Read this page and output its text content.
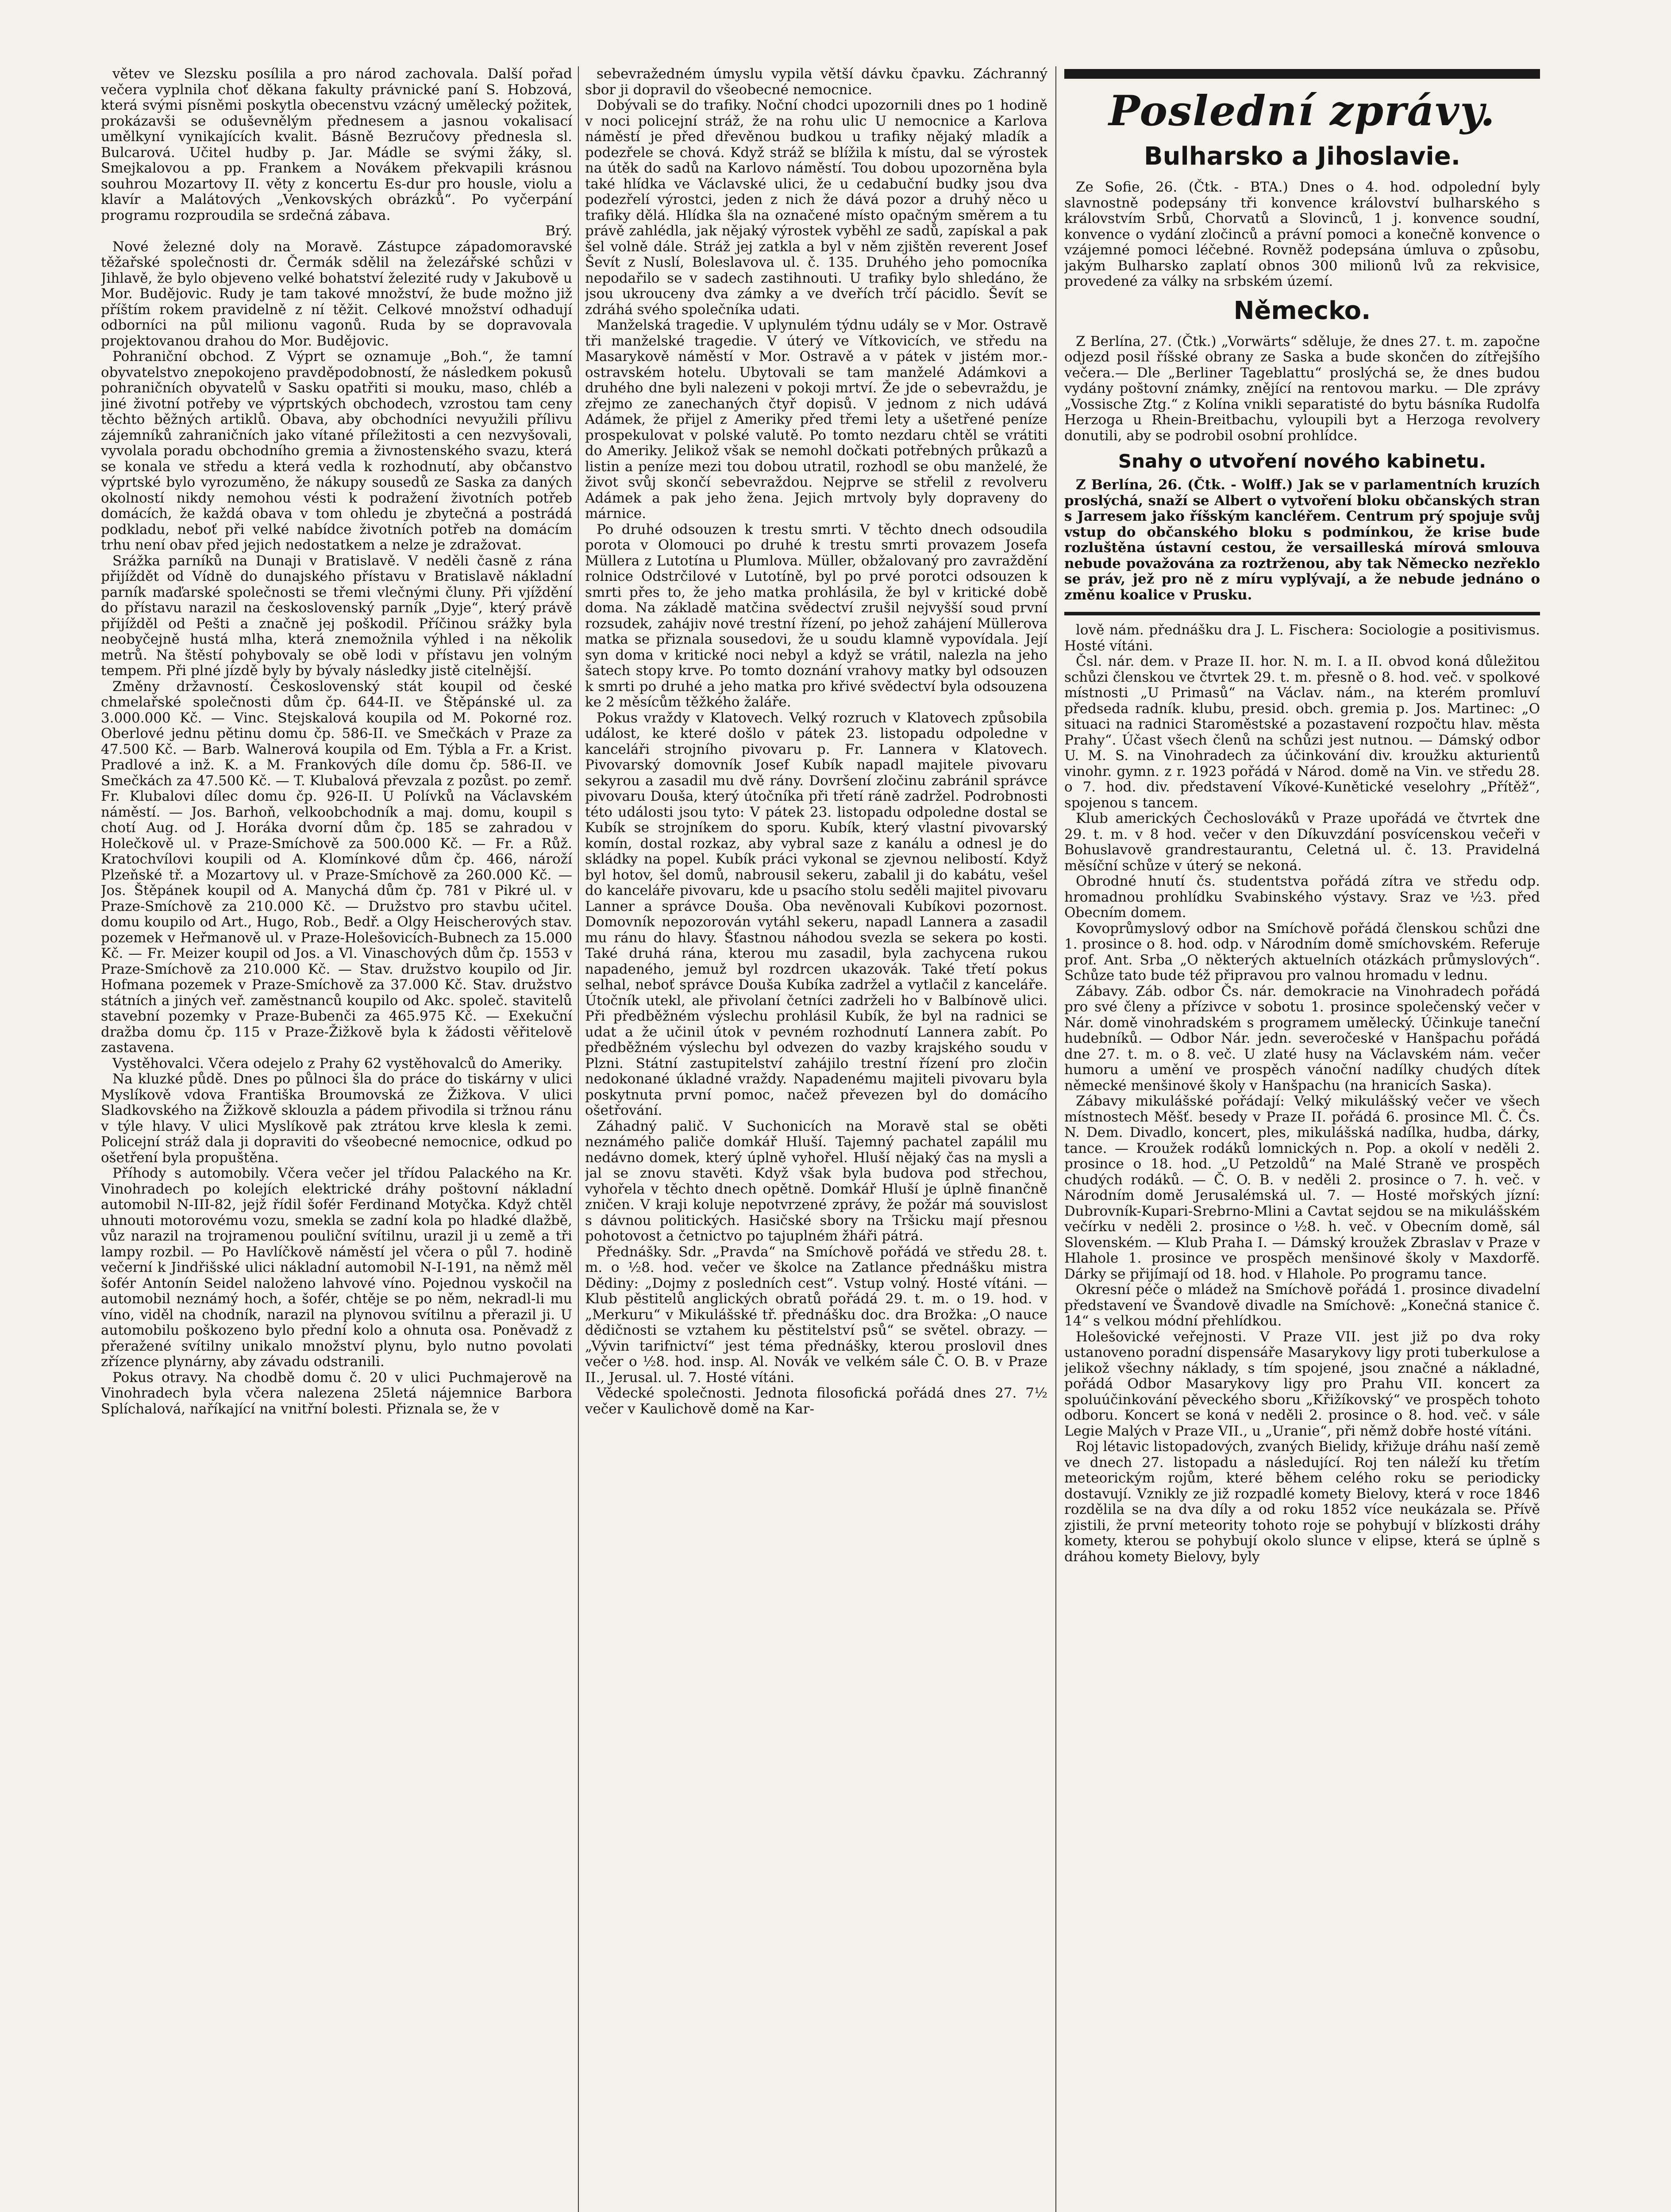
větev ve Slezsku posílila a pro národ zachovala. Další pořad večera vyplnila choť děkana fakulty právnické paní S. Hobzová, která svými písněmi poskytla obecenstvu vzácný umělecký požitek, prokázavši se oduševnělým přednesem a jasnou vokalisací umělkyní vynikajících kvalit. Básně Bezručovy přednesla sl. Bulcarová. Učitel hudby p. Jar. Mádle se svými žáky, sl. Smejkalovou a pp. Frankem a Novákem překvapili krásnou souhrou Mozartovy II. věty z koncertu Es-dur pro housle, violu a klavír a Malátových „Venkovských obrázků“. Po vyčerpání programu rozproudila se srdečná zábava.

Brý.

Nové železné doly na Moravě. Zástupce západomoravské těžařské společnosti dr. Čermák sdělil na železářské schůzi v Jihlavě, že bylo objeveno velké bohatství železité rudy v Jakubově u Mor. Budějovic. Rudy je tam takové množství, že bude možno již příštím rokem pravidelně z ní těžit. Celkové množství odhadují odborníci na půl milionu vagonů. Ruda by se dopravovala projektovanou drahou do Mor. Budějovic.

Pohraniční obchod. Z Výprt se oznamuje „Boh.“, že tamní obyvatelstvo znepokojeno pravděpodobností, že následkem pokusů pohraničních obyvatelů v Sasku opatřiti si mouku, maso, chléb a jiné životní potřeby ve výprtských obchodech, vzrostou tam ceny těchto běžných artiklů. Obava, aby obchodníci nevyužili přílivu zájemníků zahraničních jako vítané příležitosti a cen nezvyšovali, vyvolala poradu obchodního gremia a živnostenského svazu, která se konala ve středu a která vedla k rozhodnutí, aby občanstvo výprtské bylo vyrozuměno, že nákupy sousedů ze Saska za daných okolností nikdy nemohou vésti k podražení životních potřeb domácích, že každá obava v tom ohledu je zbytečná a postrádá podkladu, neboť při velké nabídce životních potřeb na domácím trhu není obav před jejich nedostatkem a nelze je zdražovat.

Srážka parníků na Dunaji v Bratislavě. V neděli časně z rána přijíždět od Vídně do dunajského přístavu v Bratislavě nákladní parník maďarské společnosti se třemi vlečnými čluny. Při vjíždění do přístavu narazil na československý parník „Dyje“, který právě přijížděl od Pešti a značně jej poškodil. Příčinou srážky byla neobyčejně hustá mlha, která znemožnila výhled i na několik metrů. Na štěstí pohybovaly se obě lodi v přístavu jen volným tempem. Při plné jízdě byly by bývaly následky jistě citelnější.

Změny državností. Československý stát koupil od české chmelařské společnosti dům čp. 644-II. ve Štěpánské ul. za 3.000.000 Kč. — Vinc. Stejskalová koupila od M. Pokorné roz. Oberlové jednu pětinu domu čp. 586-II. ve Smečkách v Praze za 47.500 Kč. — Barb. Walnerová koupila od Em. Týbla a Fr. a Krist. Pradlové a inž. K. a M. Frankových díle domu čp. 586-II. ve Smečkách za 47.500 Kč. — T. Klubalová převzala z pozůst. po zemř. Fr. Klubalovi dílec domu čp. 926-II. U Polívků na Václavském náměstí. — Jos. Barhoň, velkoobchodník a maj. domu, koupil s chotí Aug. od J. Horáka dvorní dům čp. 185 se zahradou v Holečkově ul. v Praze-Smíchově za 500.000 Kč. — Fr. a Růž. Kratochvílovi koupili od A. Klomínkové dům čp. 466, nároží Plzeňské tř. a Mozartovy ul. v Praze-Smíchově za 260.000 Kč. — Jos. Štěpánek koupil od A. Manychá dům čp. 781 v Pikré ul. v Praze-Smíchově za 210.000 Kč. — Družstvo pro stavbu učitel. domu koupilo od Art., Hugo, Rob., Bedř. a Olgy Heischerových stav. pozemek v Heřmanově ul. v Praze-Holešovicích-Bubnech za 15.000 Kč. — Fr. Meizer koupil od Jos. a Vl. Vinaschových dům čp. 1553 v Praze-Smíchově za 210.000 Kč. — Stav. družstvo koupilo od Jir. Hofmana pozemek v Praze-Smíchově za 37.000 Kč. Stav. družstvo státních a jiných veř. zaměstnanců koupilo od Akc. společ. stavitelů stavební pozemky v Praze-Bubenči za 465.975 Kč. — Exekuční dražba domu čp. 115 v Praze-Žižkově byla k žádosti věřitelově zastavena.

Vystěhovalci. Včera odejelo z Prahy 62 vystěhovalců do Ameriky.

Na kluzké půdě. Dnes po půlnoci šla do práce do tiskárny v ulici Myslíkově vdova Františka Broumovská ze Žižkova. V ulici Sladkovského na Žižkově sklouzla a pádem přivodila si tržnou ránu v týle hlavy. V ulici Myslíkově pak ztrátou krve klesla k zemi. Policejní stráž dala ji dopraviti do všeobecné nemocnice, odkud po ošetření byla propuštěna.

Příhody s automobily. Včera večer jel třídou Palackého na Kr. Vinohradech po kolejích elektrické dráhy poštovní nákladní automobil N-III-82, jejž řídil šofér Ferdinand Motyčka. Když chtěl uhnouti motorovému vozu, smekla se zadní kola po hladké dlažbě, vůz narazil na trojramenou pouliční svítilnu, urazil ji u země a tři lampy rozbil. — Po Havlíčkově náměstí jel včera o půl 7. hodině večerní k Jindřišské ulici nákladní automobil N-I-191, na němž měl šofér Antonín Seidel naloženo lahvové víno. Pojednou vyskočil na automobil neznámý hoch, a šofér, chtěje se po něm, nekradl-li mu víno, viděl na chodník, narazil na plynovou svítilnu a přerazil ji. U automobilu poškozeno bylo přední kolo a ohnuta osa. Poněvadž z přeražené svítilny unikalo množství plynu, bylo nutno povolati zřízence plynárny, aby závadu odstranili.

Pokus otravy. Na chodbě domu č. 20 v ulici Puchmajerově na Vinohradech byla včera nalezena 25letá nájemnice Barbora Splíchalová, naříkající na vnitřní bolesti. Přiznala se, že v

sebevražedném úmyslu vypila větší dávku čpavku. Záchranný sbor ji dopravil do všeobecné nemocnice.

Dobývali se do trafiky. Noční chodci upozornili dnes po 1 hodině v noci policejní stráž, že na rohu ulic U nemocnice a Karlova náměstí je před dřevěnou budkou u trafiky nějaký mladík a podezřele se chová. Když stráž se blížila k místu, dal se výrostek na útěk do sadů na Karlovo náměstí. Tou dobou upozorněna byla také hlídka ve Václavské ulici, že u cedabuční budky jsou dva podezřelí výrostci, jeden z nich že dává pozor a druhý něco u trafiky dělá. Hlídka šla na označené místo opačným směrem a tu právě zahlédla, jak nějaký výrostek vyběhl ze sadů, zapískal a pak šel volně dále. Stráž jej zatkla a byl v něm zjištěn reverent Josef Ševít z Nuslí, Boleslavova ul. č. 135. Druhého jeho pomocníka nepodařilo se v sadech zastihnouti. U trafiky bylo shledáno, že jsou ukrouceny dva zámky a ve dveřích trčí pácidlo. Ševít se zdráhá svého společníka udati.

Manželská tragedie. V uplynulém týdnu udály se v Mor. Ostravě tři manželské tragedie. V úterý ve Vítkovicích, ve středu na Masarykově náměstí v Mor. Ostravě a v pátek v jistém mor.-ostravském hotelu. Ubytovali se tam manželé Adámkovi a druhého dne byli nalezeni v pokoji mrtví. Že jde o sebevraždu, je zřejmo ze zanechaných čtyř dopisů. V jednom z nich udává Adámek, že přijel z Ameriky před třemi lety a ušetřené peníze prospekulovat v polské valutě. Po tomto nezdaru chtěl se vrátiti do Ameriky. Jelikož však se nemohl dočkati potřebných průkazů a listin a peníze mezi tou dobou utratil, rozhodl se obu manželé, že život svůj skončí sebevraždou. Nejprve se střelil z revolveru Adámek a pak jeho žena. Jejich mrtvoly byly dopraveny do márnice.

Po druhé odsouzen k trestu smrti. V těchto dnech odsoudila porota v Olomouci po druhé k trestu smrti provazem Josefa Müllera z Lutotína u Plumlova. Müller, obžalovaný pro zavraždění rolnice Odstrčilové v Lutotíně, byl po prvé porotci odsouzen k smrti přes to, že jeho matka prohlásila, že byl v kritické době doma. Na základě matčina svědectví zrušil nejvyšší soud první rozsudek, zahájiv nové trestní řízení, po jehož zahájení Müllerova matka se přiznala sousedovi, že u soudu klamně vypovídala. Její syn doma v kritické noci nebyl a když se vrátil, nalezla na jeho šatech stopy krve. Po tomto doznání vrahovy matky byl odsouzen k smrti po druhé a jeho matka pro křivé svědectví byla odsouzena ke 2 měsícům těžkého žaláře.

Pokus vraždy v Klatovech. Velký rozruch v Klatovech způsobila událost, ke které došlo v pátek 23. listopadu odpoledne v kanceláři strojního pivovaru p. Fr. Lannera v Klatovech. Pivovarský domovník Josef Kubík napadl majitele pivovaru sekyrou a zasadil mu dvě rány. Dovršení zločinu zabránil správce pivovaru Douša, který útočníka při třetí ráně zadržel. Podrobnosti této události jsou tyto: V pátek 23. listopadu odpoledne dostal se Kubík se strojníkem do sporu. Kubík, který vlastní pivovarský komín, dostal rozkaz, aby vybral saze z kanálu a odnesl je do skládky na popel. Kubík práci vykonal se zjevnou nelibostí. Když byl hotov, šel domů, nabrousil sekeru, zabalil ji do kabátu, vešel do kanceláře pivovaru, kde u psacího stolu seděli majitel pivovaru Lanner a správce Douša. Oba nevěnovali Kubíkovi pozornost. Domovník nepozorován vytáhl sekeru, napadl Lannera a zasadil mu ránu do hlavy. Šťastnou náhodou svezla se sekera po kosti. Také druhá rána, kterou mu zasadil, byla zachycena rukou napadeného, jemuž byl rozdrcen ukazovák. Také třetí pokus selhal, neboť správce Douša Kubíka zadržel a vytlačil z kanceláře. Útočník utekl, ale přivolaní četníci zadrželi ho v Balbínově ulici. Při předběžném výslechu prohlásil Kubík, že byl na radnici se udat a že učinil útok v pevném rozhodnutí Lannera zabít. Po předběžném výslechu byl odvezen do vazby krajského soudu v Plzni. Státní zastupitelství zahájilo trestní řízení pro zločin nedokonané úkladné vraždy. Napadenému majiteli pivovaru byla poskytnuta první pomoc, načež převezen byl do domácího ošetřování.

Záhadný palič. V Suchonicích na Moravě stal se oběti neznámého paliče domkář Hluší. Tajemný pachatel zapálil mu nedávno domek, který úplně vyhořel. Hluší nějaký čas na mysli a jal se znovu stavěti. Když však byla budova pod střechou, vyhořela v těchto dnech opětně. Domkář Hluší je úplně finančně zničen. V kraji koluje nepotvrzené zprávy, že požár má souvislost s dávnou politických. Hasičské sbory na Tršicku mají přesnou pohotovost a četnictvo po tajuplném žháři pátrá.

Přednášky. Sdr. „Pravda“ na Smíchově pořádá ve středu 28. t. m. o ½8. hod. večer ve školce na Zatlance přednášku mistra Dědiny: „Dojmy z posledních cest“. Vstup volný. Hosté vítáni. — Klub pěstitelů anglických obratů pořádá 29. t. m. o 19. hod. v „Merkuru“ v Mikulášské tř. přednášku doc. dra Brožka: „O nauce dědičnosti se vztahem ku pěstitelství psů“ se světel. obrazy. — „Vývin tarifnictví“ jest téma přednášky, kterou proslovil dnes večer o ½8. hod. insp. Al. Novák ve velkém sále Č. O. B. v Praze II., Jerusal. ul. 7. Hosté vítáni.

Vědecké společnosti. Jednota filosofická pořádá dnes 27. 7½ večer v Kaulichově domě na Kar-

Poslední zprávy.
Bulharsko a Jihoslavie.

Ze Sofie, 26. (Čtk. - BTA.) Dnes o 4. hod. odpolední byly slavnostně podepsány tři konvence království bulharského s královstvím Srbů, Chorvatů a Slovinců, 1 j. konvence soudní, konvence o vydání zločinců a právní pomoci a konečně konvence o vzájemné pomoci léčebné. Rovněž podepsána úmluva o způsobu, jakým Bulharsko zaplatí obnos 300 milionů lvů za rekvisice, provedené za války na srbském území.

Německo.

Z Berlína, 27. (Čtk.) „Vorwärts“ sděluje, že dnes 27. t. m. započne odjezd posil říšské obrany ze Saska a bude skončen do zítřejšího večera.— Dle „Berliner Tageblattu“ proslýchá se, že dnes budou vydány poštovní známky, znějící na rentovou marku. — Dle zprávy „Vossische Ztg.“ z Kolína vnikli separatisté do bytu básníka Rudolfa Herzoga u Rhein-Breitbachu, vyloupili byt a Herzoga revolvery donutili, aby se podrobil osobní prohlídce.

Snahy o utvoření nového kabinetu.

Z Berlína, 26. (Čtk. - Wolff.) Jak se v parlamentních kruzích proslýchá, snaží se Albert o vytvoření bloku občanských stran s Jarresem jako říšským kancléřem. Centrum prý spojuje svůj vstup do občanského bloku s podmínkou, že krise bude rozluštěna ústavní cestou, že versailleská mírová smlouva nebude považována za roztrženou, aby tak Německo nezřeklo se práv, jež pro ně z míru vyplývají, a že nebude jednáno o změnu koalice v Prusku.

lově nám. přednášku dra J. L. Fischera: Sociologie a positivismus. Hosté vítáni.

Čsl. nár. dem. v Praze II. hor. N. m. I. a II. obvod koná důležitou schůzi členskou ve čtvrtek 29. t. m. přesně o 8. hod. več. v spolkové místnosti „U Primasů“ na Václav. nám., na kterém promluví předseda radník. klubu, presid. obch. gremia p. Jos. Martinec: „O situaci na radnici Staroměstské a pozastavení rozpočtu hlav. města Prahy“. Účast všech členů na schůzi jest nutnou. — Dámský odbor U. M. S. na Vinohradech za účinkování div. kroužku akturientů vinohr. gymn. z r. 1923 pořádá v Národ. domě na Vin. ve středu 28. o 7. hod. div. představení Víkové-Kunětické veselohry „Přítěž“, spojenou s tancem.

Klub amerických Čechoslováků v Praze upořádá ve čtvrtek dne 29. t. m. v 8 hod. večer v den Díkuvzdání posvícenskou večeři v Bohuslavově grandrestaurantu, Celetná ul. č. 13. Pravidelná měsíční schůze v úterý se nekoná.

Obrodné hnutí čs. studentstva pořádá zítra ve středu odp. hromadnou prohlídku Svabinského výstavy. Sraz ve ½3. před Obecním domem.

Kovoprůmyslový odbor na Smíchově pořádá členskou schůzi dne 1. prosince o 8. hod. odp. v Národním domě smíchovském. Referuje prof. Ant. Srba „O některých aktuelních otázkách průmyslových“. Schůze tato bude též připravou pro valnou hromadu v lednu.

Zábavy. Záb. odbor Čs. nár. demokracie na Vinohradech pořádá pro své členy a přízivce v sobotu 1. prosince společenský večer v Nár. domě vinohradském s programem umělecký. Účinkuje taneční hudebníků. — Odbor Nár. jedn. severočeské v Hanšpachu pořádá dne 27. t. m. o 8. več. U zlaté husy na Václavském nám. večer humoru a umění ve prospěch vánoční nadílky chudých dítek německé menšinové školy v Hanšpachu (na hranicích Saska).

Zábavy mikulášské pořádají: Velký mikulášský večer ve všech místnostech Měšť. besedy v Praze II. pořádá 6. prosince Ml. Č. Čs. N. Dem. Divadlo, koncert, ples, mikulášská nadílka, hudba, dárky, tance. — Kroužek rodáků lomnických n. Pop. a okolí v neděli 2. prosince o 18. hod. „U Petzoldů“ na Malé Straně ve prospěch chudých rodáků. — Č. O. B. v neděli 2. prosince o 7. h. več. v Národním domě Jerusalémská ul. 7. — Hosté mořských jízní: Dubrovník-Kupari-Srebrno-Mlini a Cavtat sejdou se na mikulášském večírku v neděli 2. prosince o ½8. h. več. v Obecním domě, sál Slovenském. — Klub Praha I. — Dámský kroužek Zbraslav v Praze v Hlahole 1. prosince ve prospěch menšinové školy v Maxdorfě. Dárky se přijímají od 18. hod. v Hlahole. Po programu tance.

Okresní péče o mládež na Smíchově pořádá 1. prosince divadelní představení ve Švandově divadle na Smíchově: „Konečná stanice č. 14“ s velkou módní přehlídkou.

Holešovické veřejnosti. V Praze VII. jest již po dva roky ustanoveno poradní dispensáře Masarykovy ligy proti tuberkulose a jelikož všechny náklady, s tím spojené, jsou značné a nákladné, pořádá Odbor Masarykovy ligy pro Prahu VII. koncert za spoluúčinkování pěveckého sboru „Křižíkovský“ ve prospěch tohoto odboru. Koncert se koná v neděli 2. prosince o 8. hod. več. v sále Legie Malých v Praze VII., u „Uranie“, při němž dobře hosté vítáni.

Roj létavic listopadových, zvaných Bielidy, křižuje dráhu naší země ve dnech 27. listopadu a následující. Roj ten náleží ku třetím meteorickým rojům, které během celého roku se periodicky dostavují. Vznikly ze již rozpadlé komety Bielovy, která v roce 1846 rozdělila se na dva díly a od roku 1852 více neukázala se. Přívě zjistili, že první meteority tohoto roje se pohybují v blízkosti dráhy komety, kterou se pohybují okolo slunce v elipse, která se úplně s dráhou komety Bielovy, byly
